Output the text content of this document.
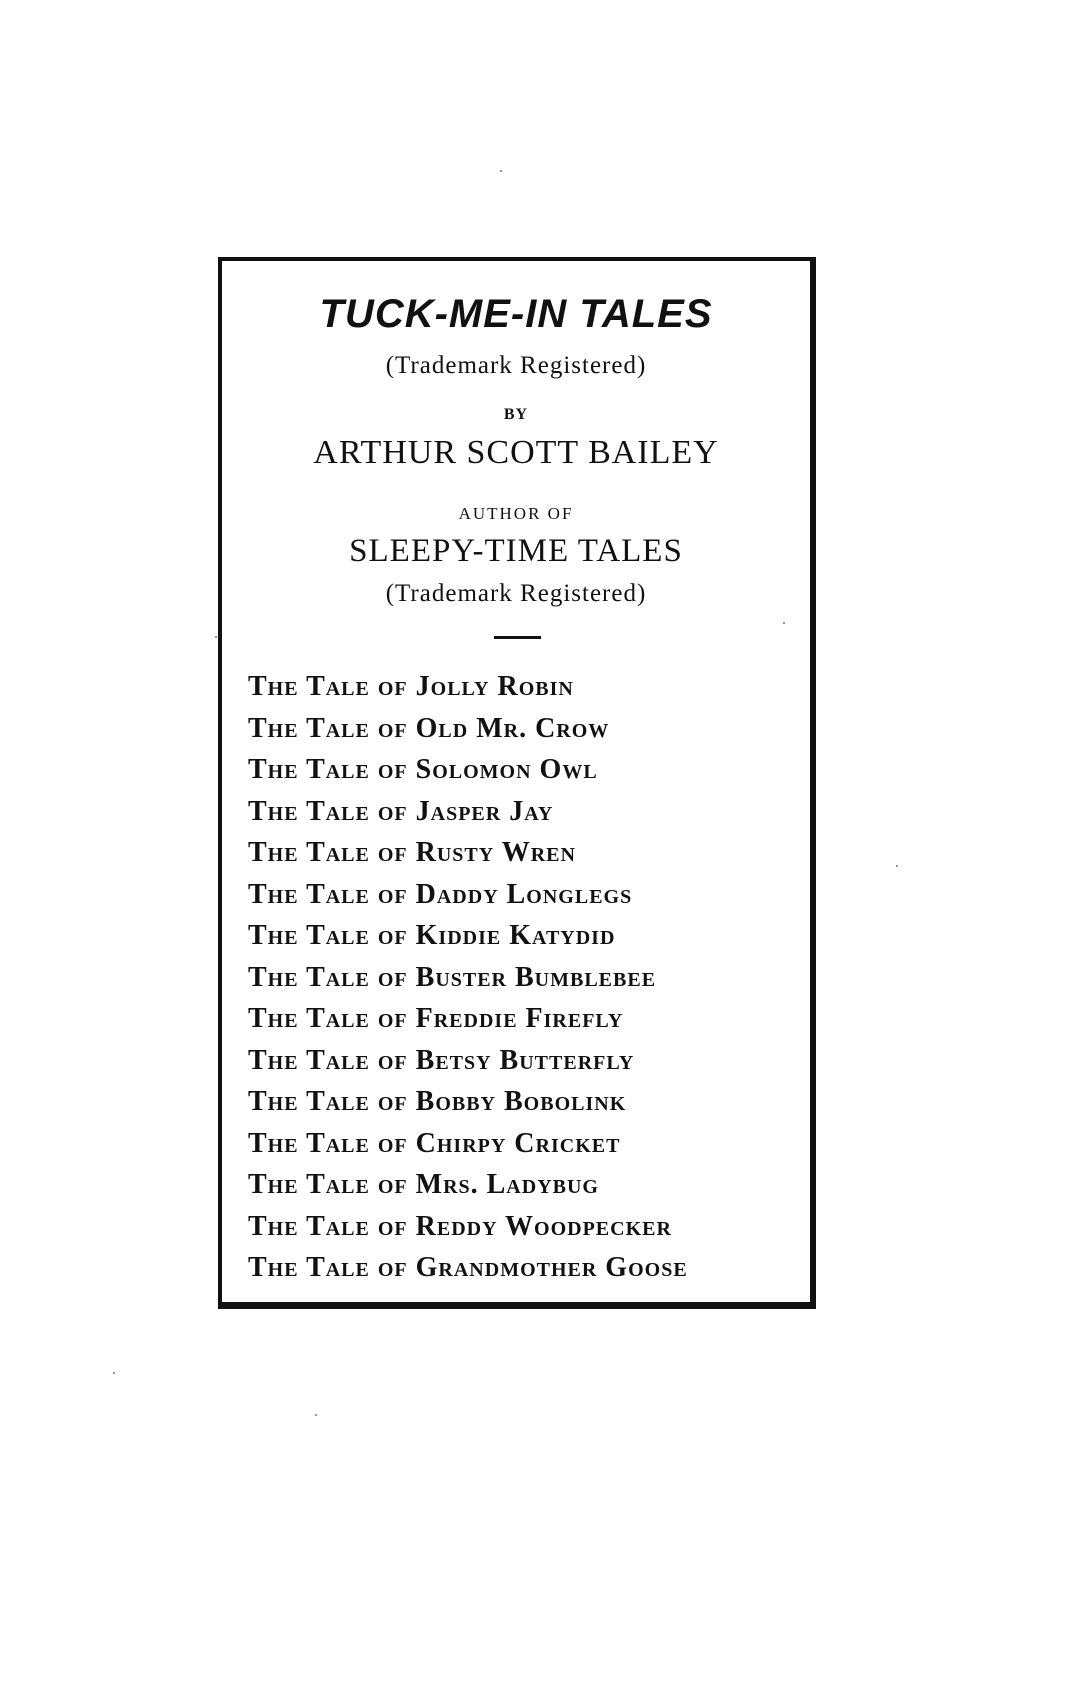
TUCK-ME-IN TALES
(Trademark Registered)
BY
ARTHUR SCOTT BAILEY
AUTHOR OF
SLEEPY-TIME TALES
(Trademark Registered)
The Tale of Jolly Robin
The Tale of Old Mr. Crow
The Tale of Solomon Owl
The Tale of Jasper Jay
The Tale of Rusty Wren
The Tale of Daddy Longlegs
The Tale of Kiddie Katydid
The Tale of Buster Bumblebee
The Tale of Freddie Firefly
The Tale of Betsy Butterfly
The Tale of Bobby Bobolink
The Tale of Chirpy Cricket
The Tale of Mrs. Ladybug
The Tale of Reddy Woodpecker
The Tale of Grandmother Goose
